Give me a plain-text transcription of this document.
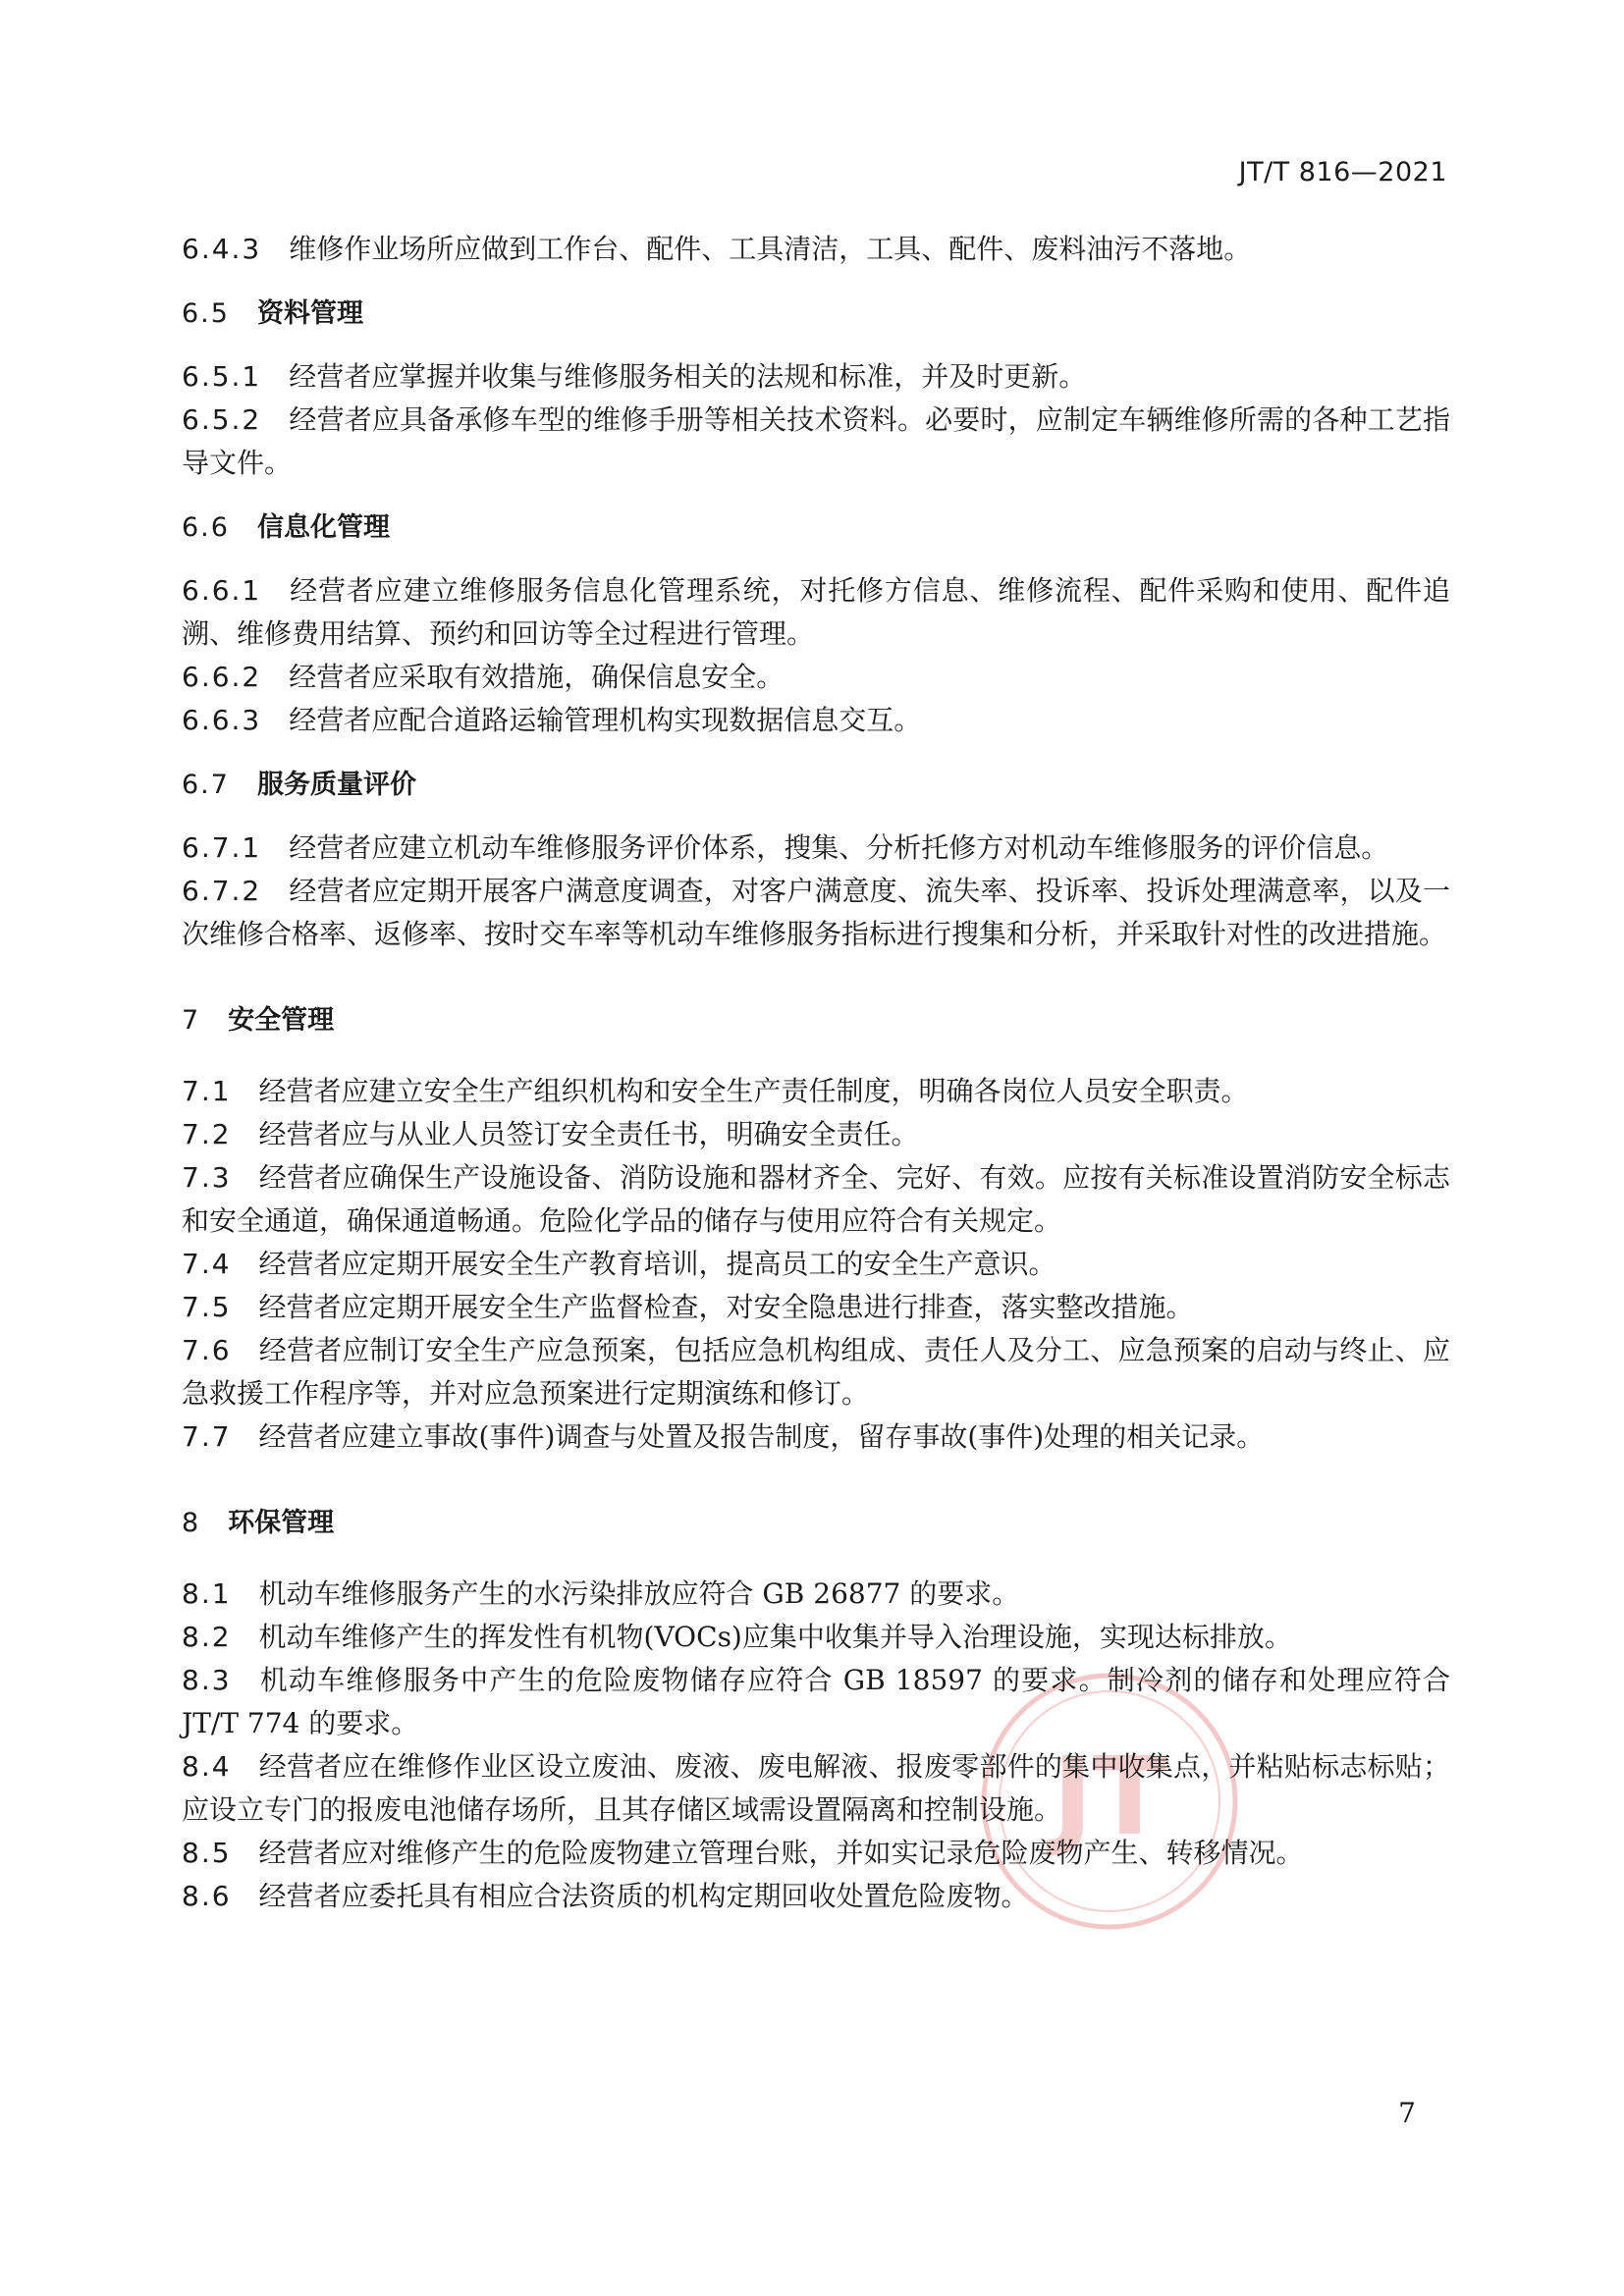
JT/T 816—2021
JT

6.4.3 维修作业场所应做到工作台、配件、工具清洁，工具、配件、废料油污不落地。

6.5 资料管理

6.5.1 经营者应掌握并收集与维修服务相关的法规和标准，并及时更新。

6.5.2 经营者应具备承修车型的维修手册等相关技术资料。必要时，应制定车辆维修所需的各种工艺指导文件。

6.6 信息化管理

6.6.1 经营者应建立维修服务信息化管理系统，对托修方信息、维修流程、配件采购和使用、配件追溯、维修费用结算、预约和回访等全过程进行管理。

6.6.2 经营者应采取有效措施，确保信息安全。

6.6.3 经营者应配合道路运输管理机构实现数据信息交互。

6.7 服务质量评价

6.7.1 经营者应建立机动车维修服务评价体系，搜集、分析托修方对机动车维修服务的评价信息。

6.7.2 经营者应定期开展客户满意度调查，对客户满意度、流失率、投诉率、投诉处理满意率，以及一次维修合格率、返修率、按时交车率等机动车维修服务指标进行搜集和分析，并采取针对性的改进措施。

7 安全管理

7.1 经营者应建立安全生产组织机构和安全生产责任制度，明确各岗位人员安全职责。

7.2 经营者应与从业人员签订安全责任书，明确安全责任。

7.3 经营者应确保生产设施设备、消防设施和器材齐全、完好、有效。应按有关标准设置消防安全标志和安全通道，确保通道畅通。危险化学品的储存与使用应符合有关规定。

7.4 经营者应定期开展安全生产教育培训，提高员工的安全生产意识。

7.5 经营者应定期开展安全生产监督检查，对安全隐患进行排查，落实整改措施。

7.6 经营者应制订安全生产应急预案，包括应急机构组成、责任人及分工、应急预案的启动与终止、应急救援工作程序等，并对应急预案进行定期演练和修订。

7.7 经营者应建立事故(事件)调查与处置及报告制度，留存事故(事件)处理的相关记录。

8 环保管理

8.1 机动车维修服务产生的水污染排放应符合 GB 26877 的要求。

8.2 机动车维修产生的挥发性有机物(VOCs)应集中收集并导入治理设施，实现达标排放。

8.3 机动车维修服务中产生的危险废物储存应符合 GB 18597 的要求。制冷剂的储存和处理应符合 JT/T 774 的要求。

8.4 经营者应在维修作业区设立废油、废液、废电解液、报废零部件的集中收集点，并粘贴标志标贴；应设立专门的报废电池储存场所，且其存储区域需设置隔离和控制设施。

8.5 经营者应对维修产生的危险废物建立管理台账，并如实记录危险废物产生、转移情况。

8.6 经营者应委托具有相应合法资质的机构定期回收处置危险废物。

7
